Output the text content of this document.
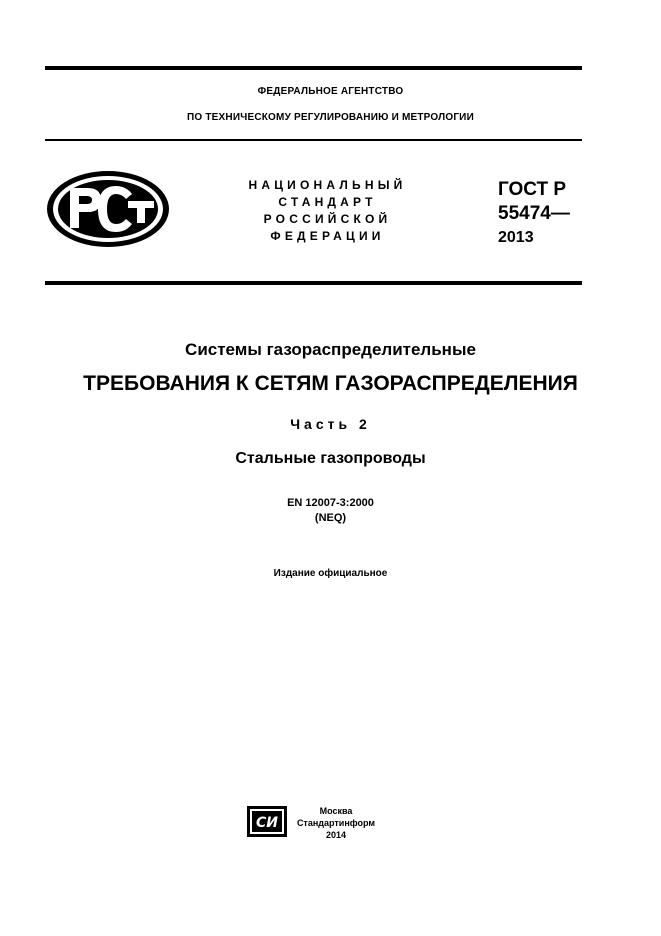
ФЕДЕРАЛЬНОЕ АГЕНТСТВО
ПО ТЕХНИЧЕСКОМУ РЕГУЛИРОВАНИЮ И МЕТРОЛОГИИ
НАЦИОНАЛЬНЫЙ
СТАНДАРТ
РОССИЙСКОЙ
ФЕДЕРАЦИИ
ГОСТ Р
55474—
2013
Системы газораспределительные
ТРЕБОВАНИЯ К СЕТЯМ ГАЗОРАСПРЕДЕЛЕНИЯ
Часть 2
Стальные газопроводы
EN 12007-3:2000
(NEQ)
Издание официальное
СИ
Москва
Стандартинформ
2014
